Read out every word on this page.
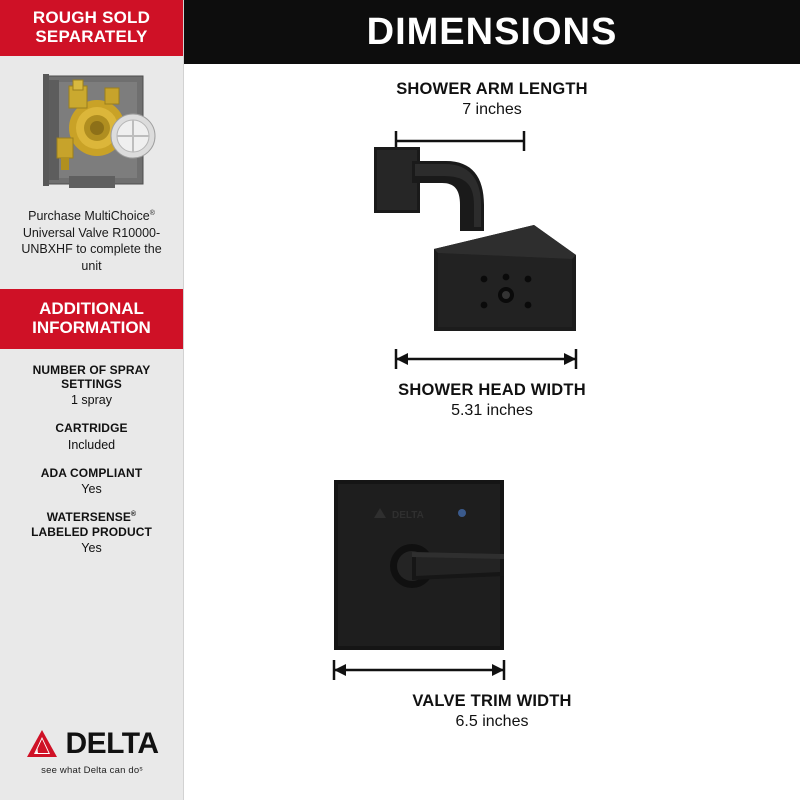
ROUGH SOLD SEPARATELY
Purchase MultiChoice® Universal Valve R10000-UNBXHF to complete the unit
ADDITIONAL
INFORMATION
NUMBER OF SPRAY
SETTINGS
1 spray
CARTRIDGE
Included
ADA COMPLIANT
Yes
WATERSENSE®
LABELED PRODUCT
Yes
DELTA
see what Delta can doˢ
DIMENSIONS
SHOWER ARM LENGTH
7 inches
SHOWER HEAD WIDTH
5.31 inches
DELTA
VALVE TRIM WIDTH
6.5 inches
